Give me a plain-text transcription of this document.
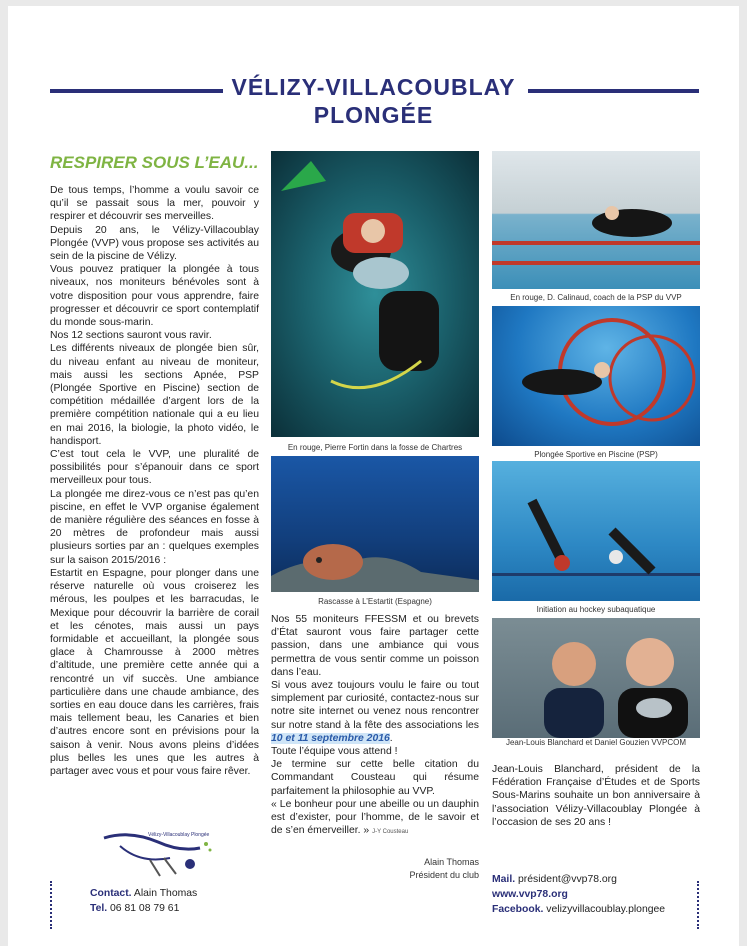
VÉLIZY-VILLACOUBLAY
PLONGÉE
RESPIRER SOUS L’EAU...

De tous temps, l’homme a voulu savoir ce qu’il se passait sous la mer, pouvoir y respirer et découvrir ses merveilles.

Depuis 20 ans, le Vélizy-Villacoublay Plongée (VVP) vous propose ses activités au sein de la piscine de Vélizy.

Vous pouvez pratiquer la plongée à tous niveaux, nos moniteurs bénévoles sont à votre disposition pour vous apprendre, faire progresser et découvrir ce sport contemplatif du monde sous-marin.

Nos 12 sections sauront vous ravir.

Les différents niveaux de plongée bien sûr, du niveau enfant au niveau de moniteur, mais aussi les sections Apnée, PSP (Plongée Sportive en Piscine) section de compétition médaillée d’argent lors de la première compétition nationale qui a eu lieu en mai 2016, la biologie, la photo vidéo, le handisport.

C’est tout cela le VVP, une pluralité de possibilités pour s’épanouir dans ce sport merveilleux pour tous.

La plongée me direz-vous ce n’est pas qu’en piscine, en effet le VVP organise également de manière régulière des séances en fosse à 20 mètres de profondeur mais aussi plusieurs sorties par an : quelques exemples sur la saison 2015/2016 :

Estartit en Espagne, pour plonger dans une réserve naturelle où vous croiserez les mérous, les poulpes et les barracudas, le Mexique pour découvrir la barrière de corail et les cénotes, mais aussi un pays formidable et accueillant, la plongée sous glace à Chamrousse à 2000 mètres d’altitude, une première cette année qui a rencontré un vif succès. Une ambiance particulière dans une chaude ambiance, des sorties en eau douce dans les carrières, frais mais tellement beau, les Canaries et bien d’autres encore sont en prévisions pour la saison à venir. Nous avons pleins d’idées plus belles les unes que les autres à partager avec vous et pour vous faire rêver.

Vélizy-Villacoublay Plongée
En rouge, Pierre Fortin dans la fosse de Chartres
Rascasse à L’Estartit (Espagne)

Nos 55 moniteurs FFESSM et ou brevets d’État sauront vous faire partager cette passion, dans une ambiance qui vous permettra de vous sentir comme un poisson dans l’eau.

Si vous avez toujours voulu le faire ou tout simplement par curiosité, contactez-nous sur notre site internet ou venez nous rencontrer sur notre stand à la fête des associations les 10 et 11 septembre 2016.

Toute l’équipe vous attend !

Je termine sur cette belle citation du Commandant Cousteau qui résume parfaitement la philosophie au VVP.

« Le bonheur pour une abeille ou un dauphin est d’exister, pour l’homme, de le savoir et de s’en émerveiller. » J-Y Cousteau

Alain Thomas
Président du club
En rouge, D. Calinaud, coach de la PSP du VVP
Plongée Sportive en Piscine (PSP)
Initiation au hockey subaquatique
Jean-Louis Blanchard et Daniel Gouzien VVPCOM

Jean-Louis Blanchard, président de la Fédération Française d’Études et de Sports Sous-Marins souhaite un bon anniversaire à l’association Vélizy-Villacoublay Plongée à l’occasion de ses 20 ans !

Contact. Alain Thomas
Tel. 06 81 08 79 61
Mail. président@vvp78.org
www.vvp78.org
Facebook. velizyvillacoublay.plongee
